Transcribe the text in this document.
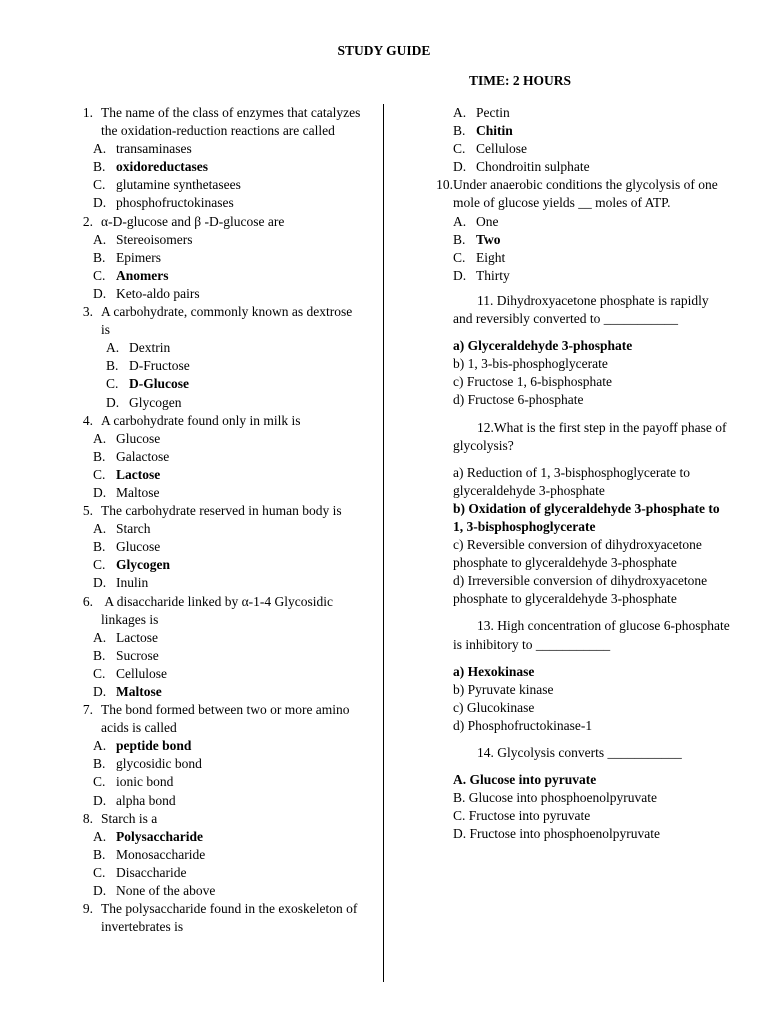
STUDY GUIDE
TIME: 2 HOURS
1. The name of the class of enzymes that catalyzes the oxidation-reduction reactions are called
A. transaminases
B. oxidoreductases
C. glutamine synthetasees
D. phosphofructokinases
2. α-D-glucose and β -D-glucose are
A. Stereoisomers
B. Epimers
C. Anomers
D. Keto-aldo pairs
3. A carbohydrate, commonly known as dextrose is
A. Dextrin
B. D-Fructose
C. D-Glucose
D. Glycogen
4. A carbohydrate found only in milk is
A. Glucose
B. Galactose
C. Lactose
D. Maltose
5. The carbohydrate reserved in human body is
A. Starch
B. Glucose
C. Glycogen
D. Inulin
6. A disaccharide linked by α-1-4 Glycosidic linkages is
A. Lactose
B. Sucrose
C. Cellulose
D. Maltose
7. The bond formed between two or more amino acids is called
A. peptide bond
B. glycosidic bond
C. ionic bond
D. alpha bond
8. Starch is a
A. Polysaccharide
B. Monosaccharide
C. Disaccharide
D. None of the above
9. The polysaccharide found in the exoskeleton of invertebrates is
A. Pectin
B. Chitin
C. Cellulose
D. Chondroitin sulphate
10. Under anaerobic conditions the glycolysis of one mole of glucose yields __ moles of ATP.
A. One
B. Two
C. Eight
D. Thirty
11. Dihydroxyacetone phosphate is rapidly and reversibly converted to ___________
a) Glyceraldehyde 3-phosphate
b) 1, 3-bis-phosphoglycerate
c) Fructose 1, 6-bisphosphate
d) Fructose 6-phosphate
12.What is the first step in the payoff phase of glycolysis?
a) Reduction of 1, 3-bisphosphoglycerate to glyceraldehyde 3-phosphate
b) Oxidation of glyceraldehyde 3-phosphate to 1, 3-bisphosphoglycerate
c) Reversible conversion of dihydroxyacetone phosphate to glyceraldehyde 3-phosphate
d) Irreversible conversion of dihydroxyacetone phosphate to glyceraldehyde 3-phosphate
13. High concentration of glucose 6-phosphate is inhibitory to ___________
a) Hexokinase
b) Pyruvate kinase
c) Glucokinase
d) Phosphofructokinase-1
14. Glycolysis converts ___________
A. Glucose into pyruvate
B. Glucose into phosphoenolpyruvate
C. Fructose into pyruvate
D. Fructose into phosphoenolpyruvate
